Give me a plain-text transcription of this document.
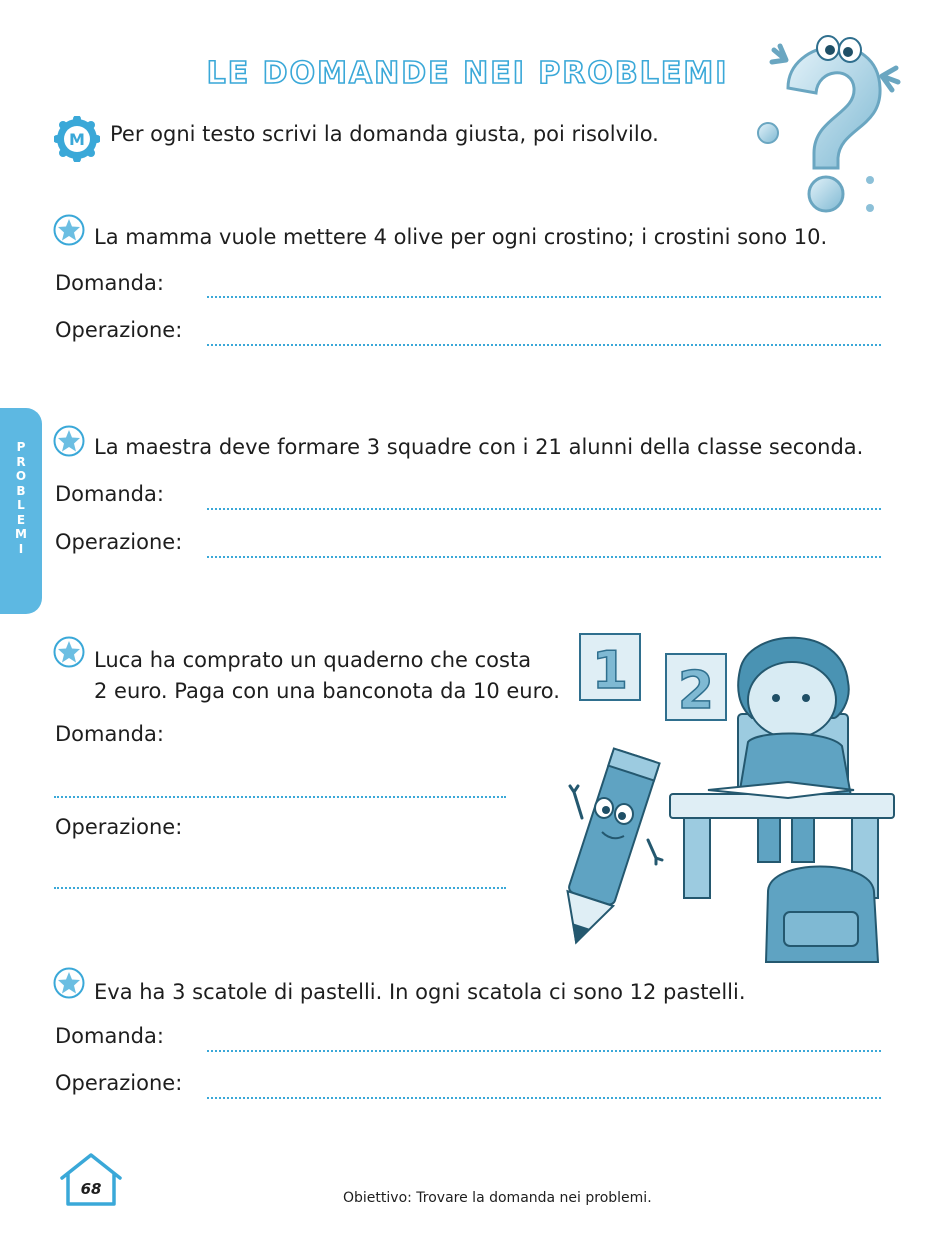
LE DOMANDE NEI PROBLEMI
M Per ogni testo scrivi la domanda giusta, poi risolvilo.
PROBLEMI
La mamma vuole mettere 4 olive per ogni crostino; i crostini sono 10.
Domanda:
Operazione:
La maestra deve formare 3 squadre con i 21 alunni della classe seconda.
Domanda:
Operazione:
Luca ha comprato un quaderno che costa
2 euro. Paga con una banconota da 10 euro.
Domanda:
Operazione:
1 2
Eva ha 3 scatole di pastelli. In ogni scatola ci sono 12 pastelli.
Domanda:
Operazione:
68	Obiettivo: Trovare la domanda nei problemi.
